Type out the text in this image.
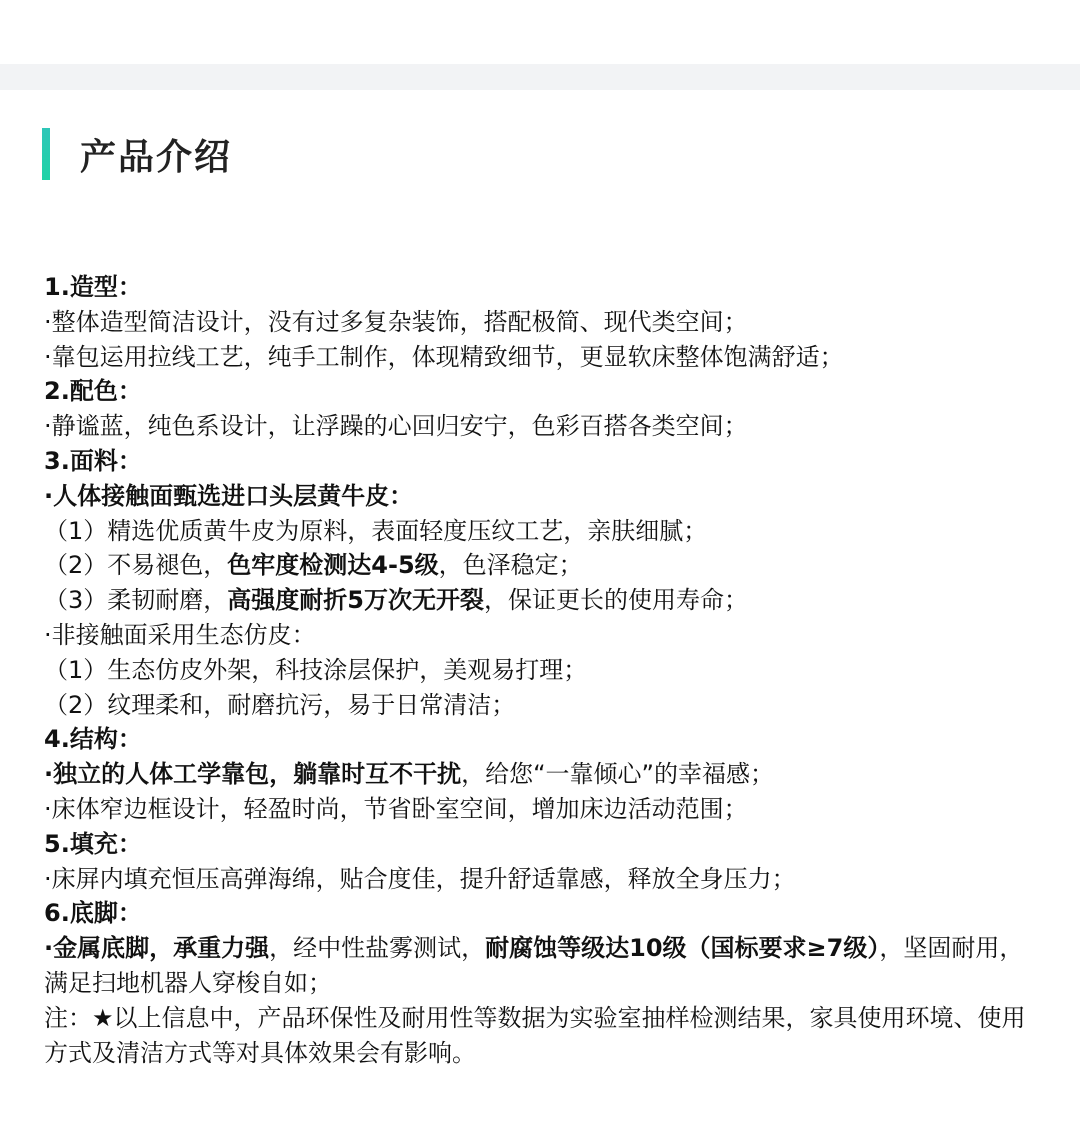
产品介绍
1.造型：
·整体造型简洁设计，没有过多复杂装饰，搭配极简、现代类空间；
·靠包运用拉线工艺，纯手工制作，体现精致细节，更显软床整体饱满舒适；
2.配色：
·静谧蓝，纯色系设计，让浮躁的心回归安宁，色彩百搭各类空间；
3.面料：
·人体接触面甄选进口头层黄牛皮：
（1）精选优质黄牛皮为原料，表面轻度压纹工艺，亲肤细腻；
（2）不易褪色，色牢度检测达4-5级，色泽稳定；
（3）柔韧耐磨，高强度耐折5万次无开裂，保证更长的使用寿命；
·非接触面采用生态仿皮：
（1）生态仿皮外架，科技涂层保护，美观易打理；
（2）纹理柔和，耐磨抗污，易于日常清洁；
4.结构：
·独立的人体工学靠包，躺靠时互不干扰，给您“一靠倾心”的幸福感；
·床体窄边框设计，轻盈时尚，节省卧室空间，增加床边活动范围；
5.填充：
·床屏内填充恒压高弹海绵，贴合度佳，提升舒适靠感，释放全身压力；
6.底脚：
·金属底脚，承重力强，经中性盐雾测试，耐腐蚀等级达10级（国标要求≥7级），坚固耐用，满足扫地机器人穿梭自如；
注：★以上信息中，产品环保性及耐用性等数据为实验室抽样检测结果，家具使用环境、使用方式及清洁方式等对具体效果会有影响。
